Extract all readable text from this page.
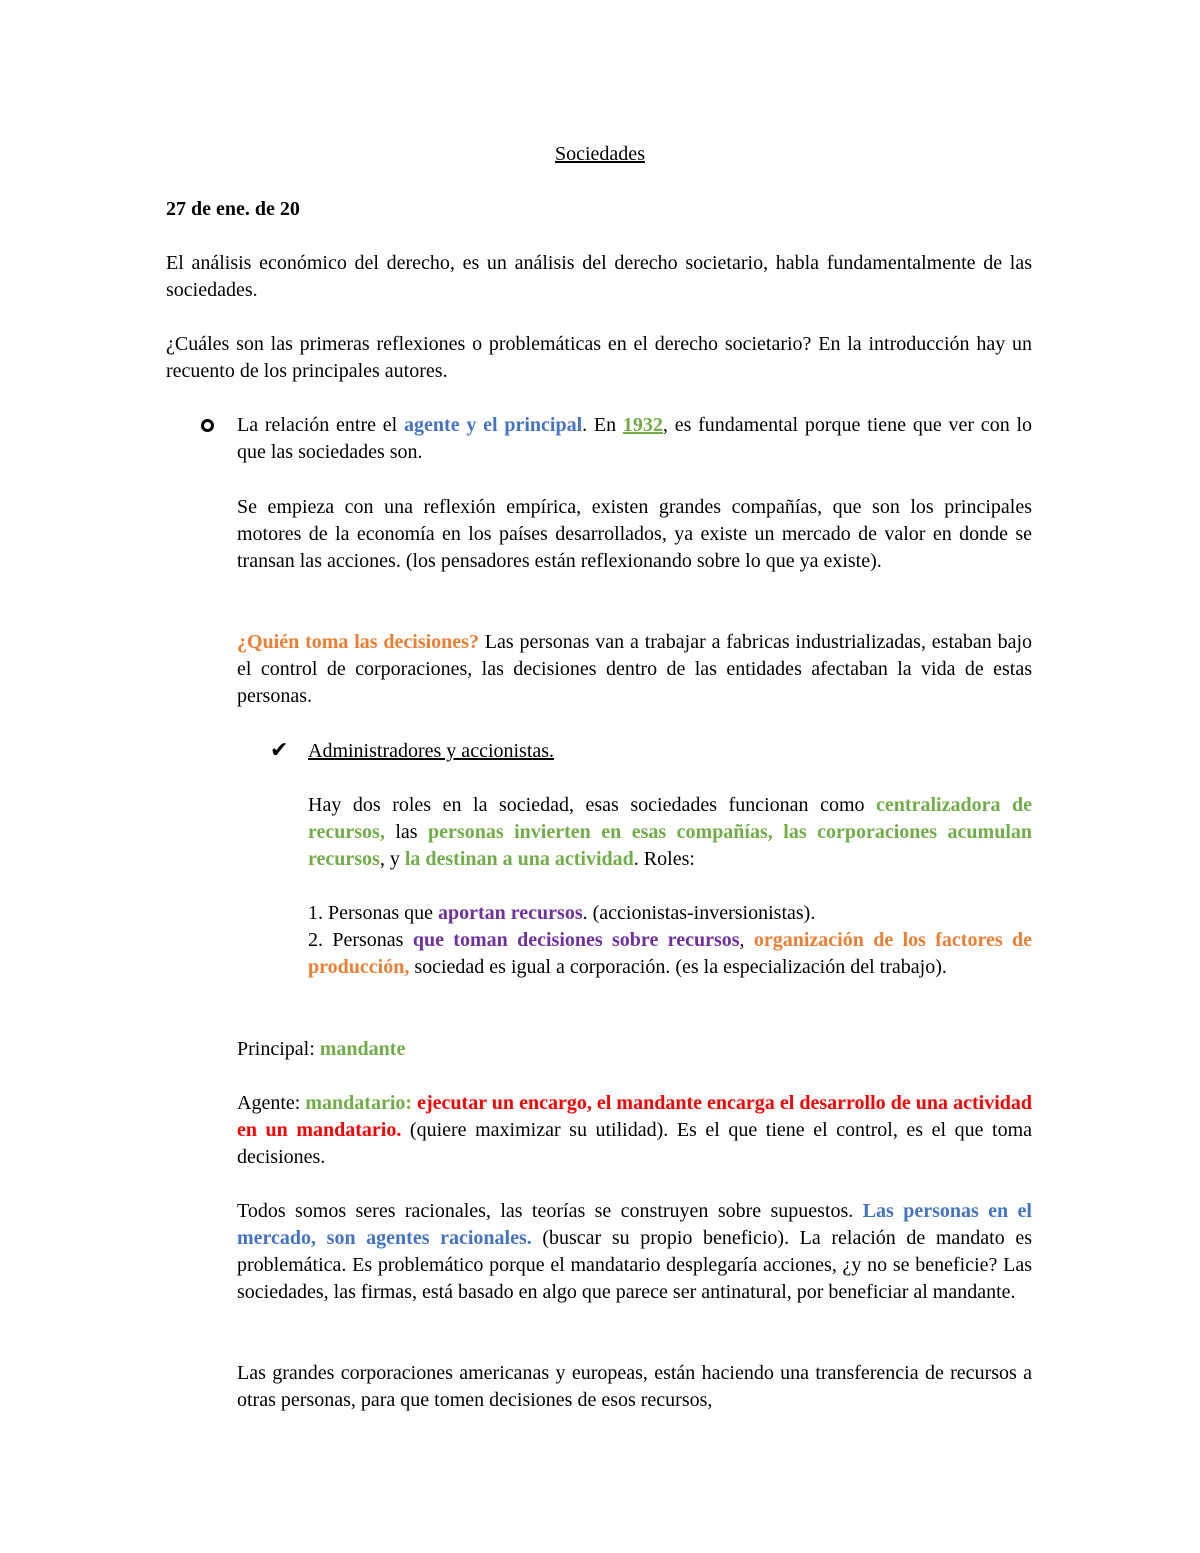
Sociedades
27 de ene. de 20
El análisis económico del derecho, es un análisis del derecho societario, habla fundamentalmente de las sociedades.
¿Cuáles son las primeras reflexiones o problemáticas en el derecho societario? En la introducción hay un recuento de los principales autores.
La relación entre el agente y el principal. En 1932, es fundamental porque tiene que ver con lo que las sociedades son.
Se empieza con una reflexión empírica, existen grandes compañías, que son los principales motores de la economía en los países desarrollados, ya existe un mercado de valor en donde se transan las acciones. (los pensadores están reflexionando sobre lo que ya existe).
¿Quién toma las decisiones? Las personas van a trabajar a fabricas industrializadas, estaban bajo el control de corporaciones, las decisiones dentro de las entidades afectaban la vida de estas personas.
✔ Administradores y accionistas.
Hay dos roles en la sociedad, esas sociedades funcionan como centralizadora de recursos, las personas invierten en esas compañías, las corporaciones acumulan recursos, y la destinan a una actividad. Roles:
1. Personas que aportan recursos. (accionistas-inversionistas).
2. Personas que toman decisiones sobre recursos, organización de los factores de producción, sociedad es igual a corporación. (es la especialización del trabajo).
Principal: mandante
Agente: mandatario: ejecutar un encargo, el mandante encarga el desarrollo de una actividad en un mandatario. (quiere maximizar su utilidad). Es el que tiene el control, es el que toma decisiones.
Todos somos seres racionales, las teorías se construyen sobre supuestos. Las personas en el mercado, son agentes racionales. (buscar su propio beneficio). La relación de mandato es problemática. Es problemático porque el mandatario desplegaría acciones, ¿y no se beneficie? Las sociedades, las firmas, está basado en algo que parece ser antinatural, por beneficiar al mandante.
Las grandes corporaciones americanas y europeas, están haciendo una transferencia de recursos a otras personas, para que tomen decisiones de esos recursos,
